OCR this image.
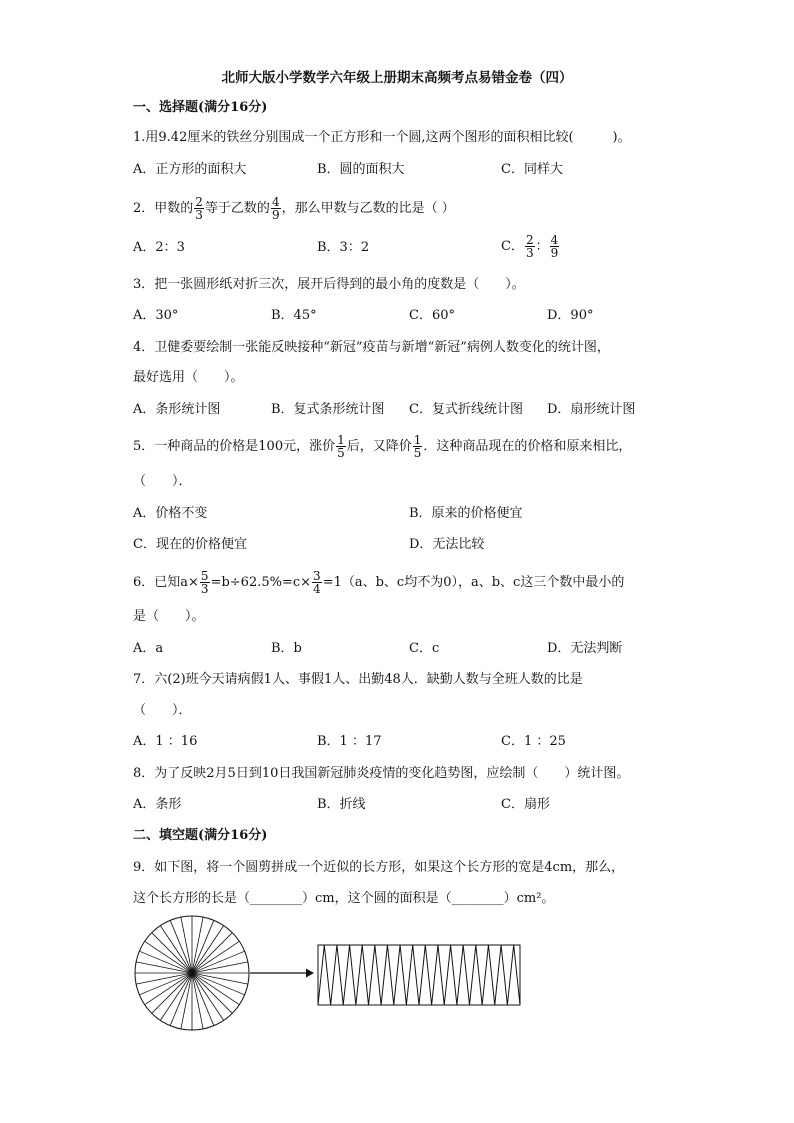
北师大版小学数学六年级上册期末高频考点易错金卷（四）
一、选择题(满分16分)
1.用9.42厘米的铁丝分别围成一个正方形和一个圆,这两个图形的面积相比较(　　　)。
A．正方形的面积大	B．圆的面积大	C．同样大
2．甲数的 $\frac{2}{3}$ 等于乙数的 $\frac{4}{9}$ ，那么甲数与乙数的比是（ ）
A．2：3	B．3：2	C． $\frac{2}{3}$ ： $\frac{4}{9}$
3．把一张圆形纸对折三次，展开后得到的最小角的度数是（　　）。
A．30°	B．45°	C．60°	D．90°
4．卫健委要绘制一张能反映接种“新冠”疫苗与新增“新冠”病例人数变化的统计图，
最好选用（　　）。
A．条形统计图	B．复式条形统计图 C．复式折线统计图 D．扇形统计图
5．一种商品的价格是100元，涨价 $\frac{1}{5}$ 后，又降价 $\frac{1}{5}$ ．这种商品现在的价格和原来相比，
（　　）．
A．价格不变	B．原来的价格便宜
C．现在的价格便宜	D．无法比较
6．已知$a\times \frac{5}{3} =b\div 62.5\%=c\times \frac{3}{4} =1(a$、b、c均不为0），a、b、c这三个数中最小的
是（　　）。
A．a	B．b	C．c	D．无法判断
7．六(2)班今天请病假1人、事假1人、出勤48人．缺勤人数与全班人数的比是
（　　）．
A．1 ：16	B．1 ：17	C．1 ：25
8．为了反映2月5日到10日我国新冠肺炎疫情的变化趋势图，应绘制（　　）统计图。
A．条形	B．折线	C．扇形
二、填空题(满分16分)
9．如下图，将一个圆剪拼成一个近似的长方形，如果这个长方形的宽是4cm，那么，
这个长方形的长是（________）cm，这个圆的面积是（________）cm²。
